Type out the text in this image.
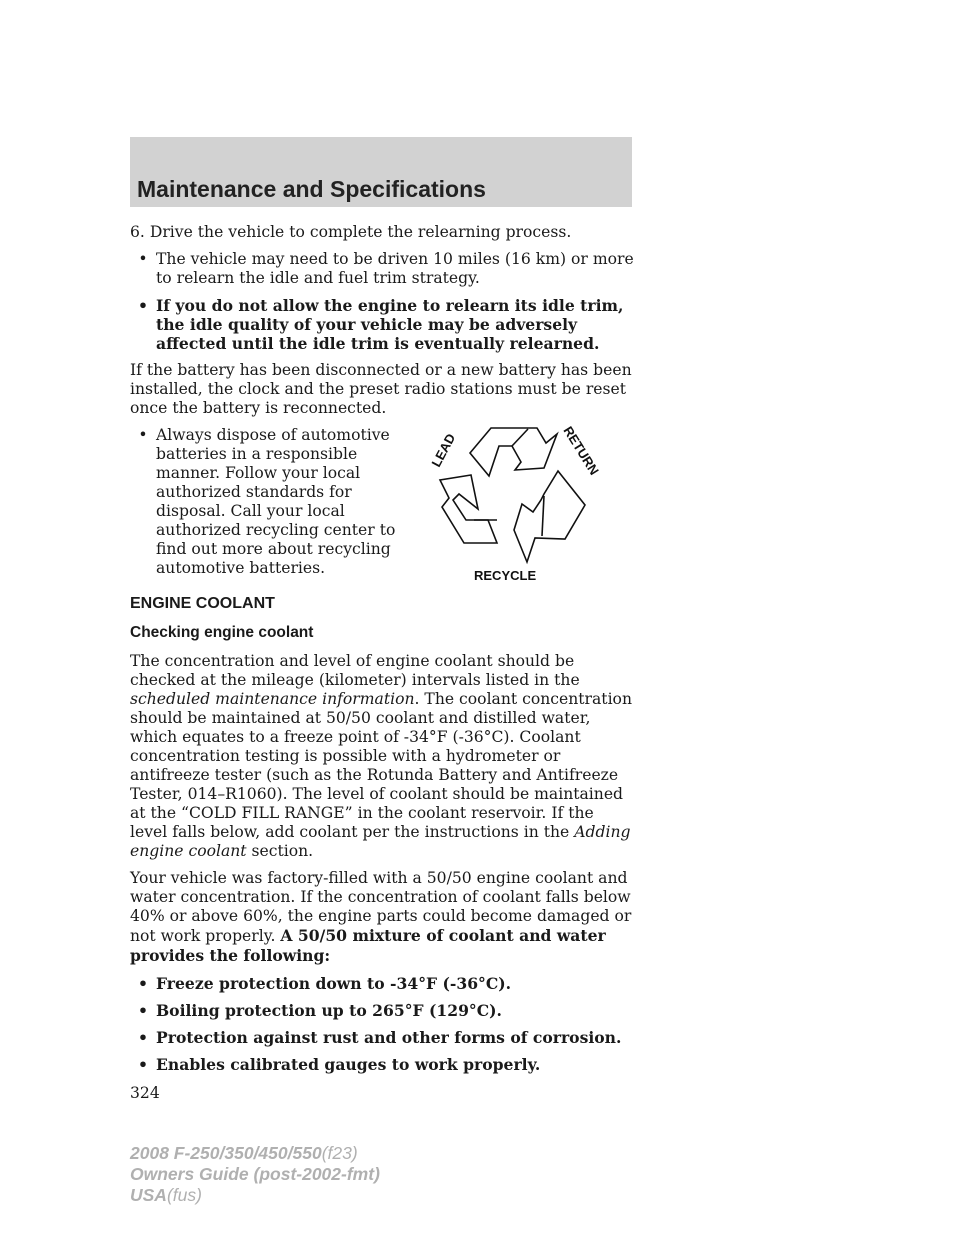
Maintenance and Specifications

6. Drive the vehicle to complete the relearning process.

• The vehicle may need to be driven 10 miles (16 km) or more to relearn the idle and fuel trim strategy.
• If you do not allow the engine to relearn its idle trim, the idle quality of your vehicle may be adversely affected until the idle trim is eventually relearned.

If the battery has been disconnected or a new battery has been installed, the clock and the preset radio stations must be reset once the battery is reconnected.

• Always dispose of automotive batteries in a responsible manner. Follow your local authorized standards for disposal. Call your local authorized recycling center to find out more about recycling automotive batteries.
LEAD	RETURN
RECYCLE
ENGINE COOLANT
Checking engine coolant

The concentration and level of engine coolant should be checked at the mileage (kilometer) intervals listed in the scheduled maintenance information. The coolant concentration should be maintained at 50/50 coolant and distilled water, which equates to a freeze point of -34°F (-36°C). Coolant concentration testing is possible with a hydrometer or antifreeze tester (such as the Rotunda Battery and Antifreeze Tester, 014–R1060). The level of coolant should be maintained at the “COLD FILL RANGE” in the coolant reservoir. If the level falls below, add coolant per the instructions in the Adding engine coolant section.

Your vehicle was factory-filled with a 50/50 engine coolant and water concentration. If the concentration of coolant falls below 40% or above 60%, the engine parts could become damaged or not work properly. A 50/50 mixture of coolant and water provides the following:

• Freeze protection down to -34°F (-36°C).
• Boiling protection up to 265°F (129°C).
• Protection against rust and other forms of corrosion.
• Enables calibrated gauges to work properly.
324
2008 F-250/350/450/550(f23)
Owners Guide (post-2002-fmt)
USA(fus)
